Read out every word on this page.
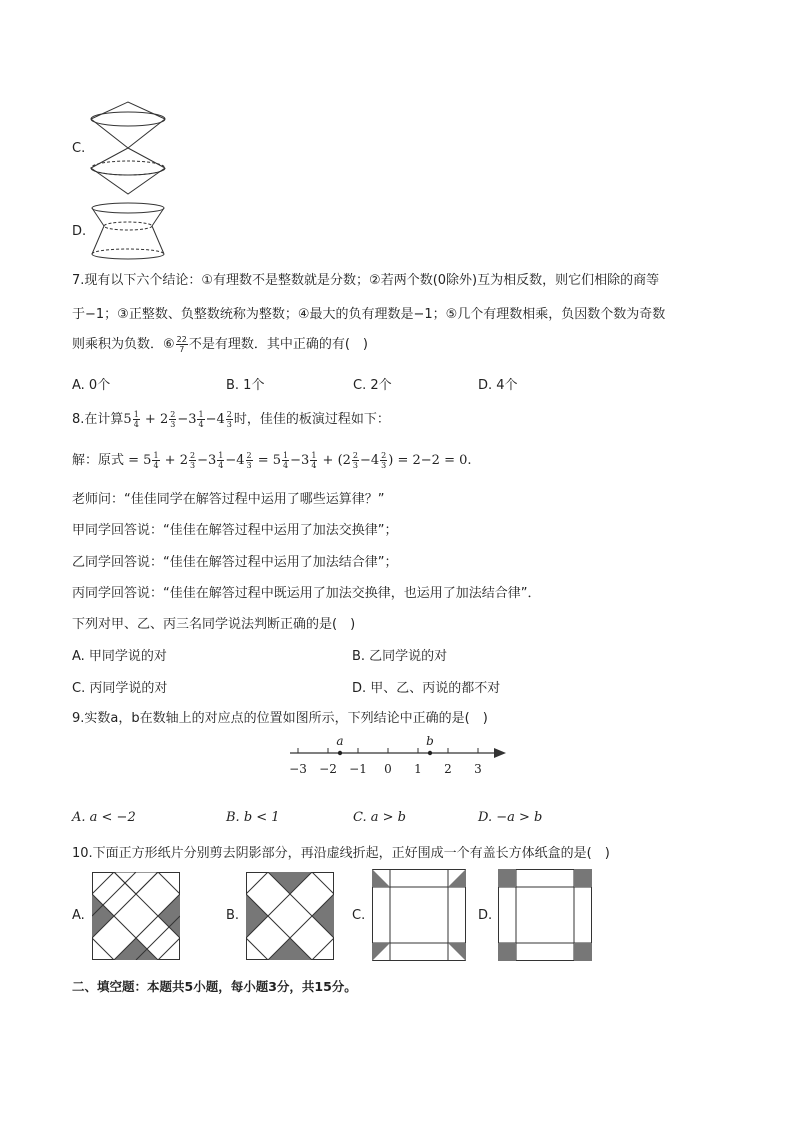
C.
D.
7.现有以下六个结论：①有理数不是整数就是分数；②若两个数(0除外)互为相反数，则它们相除的商等
于−1；③正整数、负整数统称为整数；④最大的负有理数是−1；⑤几个有理数相乘，负因数个数为奇数
则乘积为负数．⑥ $\frac{22}{7}$ 不是有理数．其中正确的有(　)
A. 0个	B. 1个	C. 2个	D. 4个
8.在计算$5 \frac{1}{4} + 2 \frac{2}{3} -3 \frac{1}{4} -4 \frac{2}{3}$ 时，佳佳的板演过程如下：
解：原式 = $5 \frac{1}{4} + 2 \frac{2}{3} -3 \frac{1}{4} -4 \frac{2}{3} = 5 \frac{1}{4} -3 \frac{1}{4} + (2 \frac{2}{3} -4 \frac{2}{3}$ ) = 2−2 = 0.
老师问：“佳佳同学在解答过程中运用了哪些运算律？”
甲同学回答说：“佳佳在解答过程中运用了加法交换律”；
乙同学回答说：“佳佳在解答过程中运用了加法结合律”；
丙同学回答说：“佳佳在解答过程中既运用了加法交换律，也运用了加法结合律”．
下列对甲、乙、丙三名同学说法判断正确的是(　)
A. 甲同学说的对	B. 乙同学说的对
C. 丙同学说的对	D. 甲、乙、丙说的都不对
9.实数a，b在数轴上的对应点的位置如图所示，下列结论中正确的是(　)
−3 −2 −1 0 1 2 3
a	b
A. a < −2	B. b < 1	C. a > b	D. −a > b
10.下面正方形纸片分别剪去阴影部分，再沿虚线折起，正好围成一个有盖长方体纸盒的是(　)
A.	B.	C.	D.
二、填空题：本题共5小题，每小题3分，共15分。
